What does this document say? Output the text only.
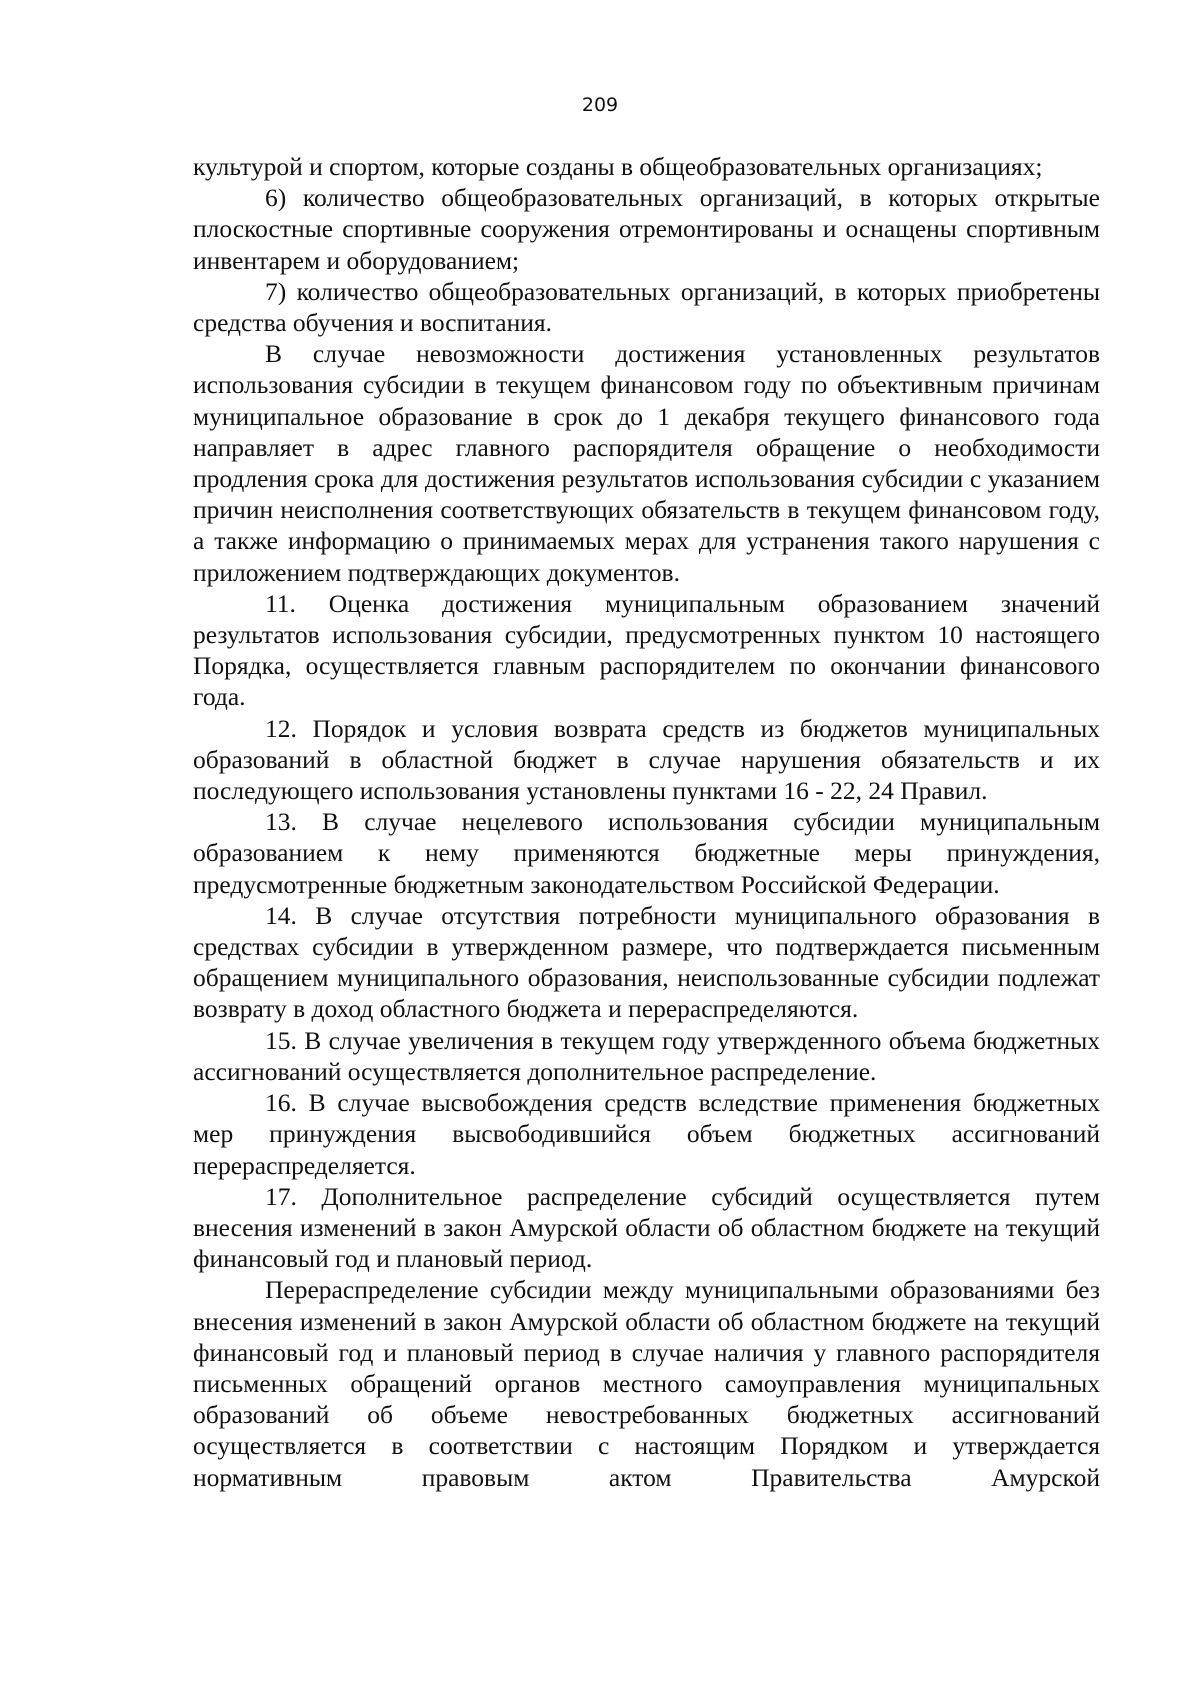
209

культурой и спортом, которые созданы в общеобразовательных организациях;

6) количество общеобразовательных организаций, в которых открытые плоскостные спортивные сооружения отремонтированы и оснащены спортивным инвентарем и оборудованием;

7) количество общеобразовательных организаций, в которых приобретены средства обучения и воспитания.

В случае невозможности достижения установленных результатов использования субсидии в текущем финансовом году по объективным причинам муниципальное образование в срок до 1 декабря текущего финансового года направляет в адрес главного распорядителя обращение о необходимости продления срока для достижения результатов использования субсидии с указанием причин неисполнения соответствующих обязательств в текущем финансовом году, а также информацию о принимаемых мерах для устранения такого нарушения с приложением подтверждающих документов.

11. Оценка достижения муниципальным образованием значений результатов использования субсидии, предусмотренных пунктом 10 настоящего Порядка, осуществляется главным распорядителем по окончании финансового года.

12. Порядок и условия возврата средств из бюджетов муниципальных образований в областной бюджет в случае нарушения обязательств и их последующего использования установлены пунктами 16 - 22, 24 Правил.

13. В случае нецелевого использования субсидии муниципальным образованием к нему применяются бюджетные меры принуждения, предусмотренные бюджетным законодательством Российской Федерации.

14. В случае отсутствия потребности муниципального образования в средствах субсидии в утвержденном размере, что подтверждается письменным обращением муниципального образования, неиспользованные субсидии подлежат возврату в доход областного бюджета и перераспределяются.

15. В случае увеличения в текущем году утвержденного объема бюджетных ассигнований осуществляется дополнительное распределение.

16. В случае высвобождения средств вследствие применения бюджетных мер принуждения высвободившийся объем бюджетных ассигнований перераспределяется.

17. Дополнительное распределение субсидий осуществляется путем внесения изменений в закон Амурской области об областном бюджете на текущий финансовый год и плановый период.

Перераспределение субсидии между муниципальными образованиями без внесения изменений в закон Амурской области об областном бюджете на текущий финансовый год и плановый период в случае наличия у главного распорядителя письменных обращений органов местного самоуправления муниципальных образований об объеме невостребованных бюджетных ассигнований осуществляется в соответствии с настоящим Порядком и утверждается нормативным правовым актом Правительства Амурской
